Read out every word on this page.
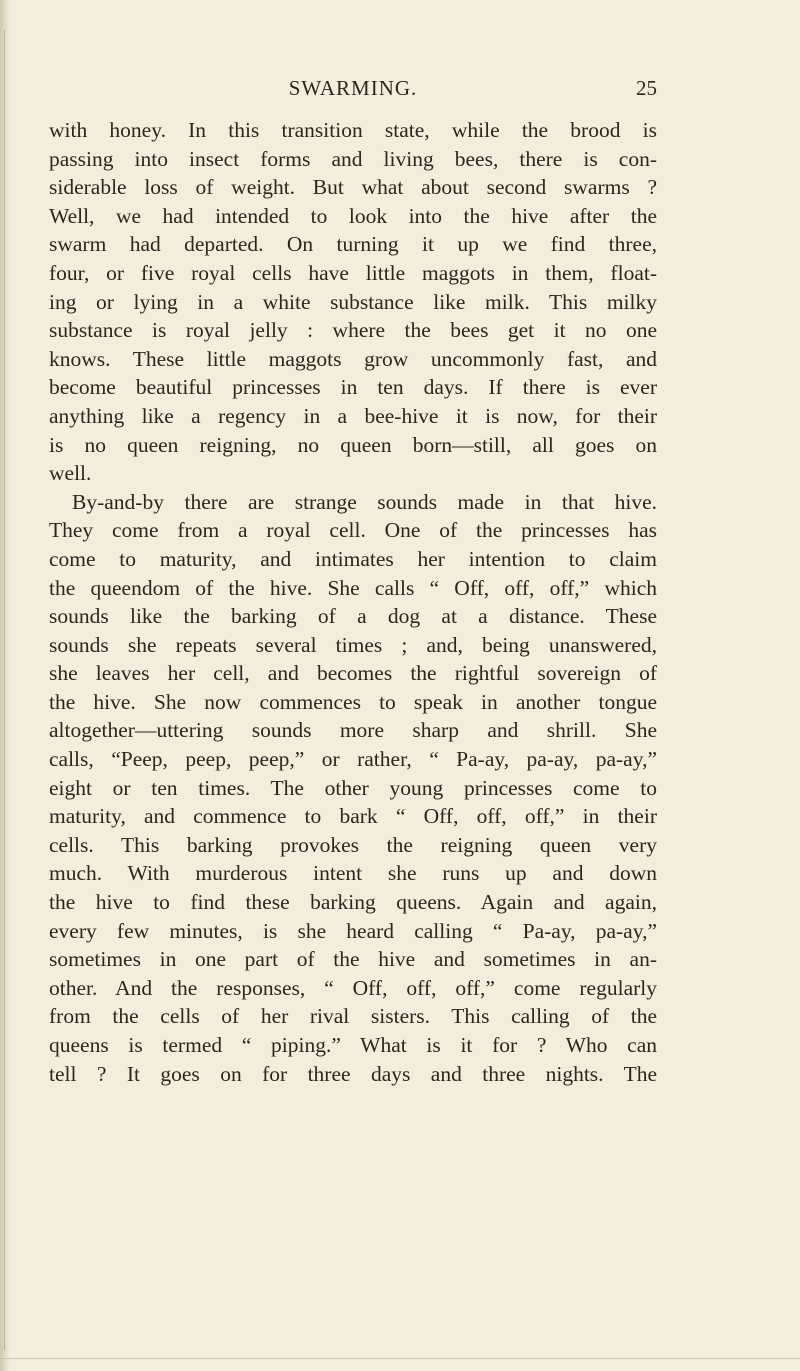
SWARMING.	25
with honey. In this transition state, while the brood is
passing into insect forms and living bees, there is con-
siderable loss of weight. But what about second swarms ?
Well, we had intended to look into the hive after the
swarm had departed. On turning it up we find three,
four, or five royal cells have little maggots in them, float-
ing or lying in a white substance like milk. This milky
substance is royal jelly : where the bees get it no one
knows. These little maggots grow uncommonly fast, and
become beautiful princesses in ten days. If there is ever
anything like a regency in a bee-hive it is now, for their
is no queen reigning, no queen born—still, all goes on
well.
By-and-by there are strange sounds made in that hive.
They come from a royal cell. One of the princesses has
come to maturity, and intimates her intention to claim
the queendom of the hive. She calls “ Off, off, off,” which
sounds like the barking of a dog at a distance. These
sounds she repeats several times ; and, being unanswered,
she leaves her cell, and becomes the rightful sovereign of
the hive. She now commences to speak in another tongue
altogether—uttering sounds more sharp and shrill. She
calls, “Peep, peep, peep,” or rather, “ Pa-ay, pa-ay, pa-ay,”
eight or ten times. The other young princesses come to
maturity, and commence to bark “ Off, off, off,” in their
cells. This barking provokes the reigning queen very
much. With murderous intent she runs up and down
the hive to find these barking queens. Again and again,
every few minutes, is she heard calling “ Pa-ay, pa-ay,”
sometimes in one part of the hive and sometimes in an-
other. And the responses, “ Off, off, off,” come regularly
from the cells of her rival sisters. This calling of the
queens is termed “ piping.” What is it for ? Who can
tell ? It goes on for three days and three nights. The
